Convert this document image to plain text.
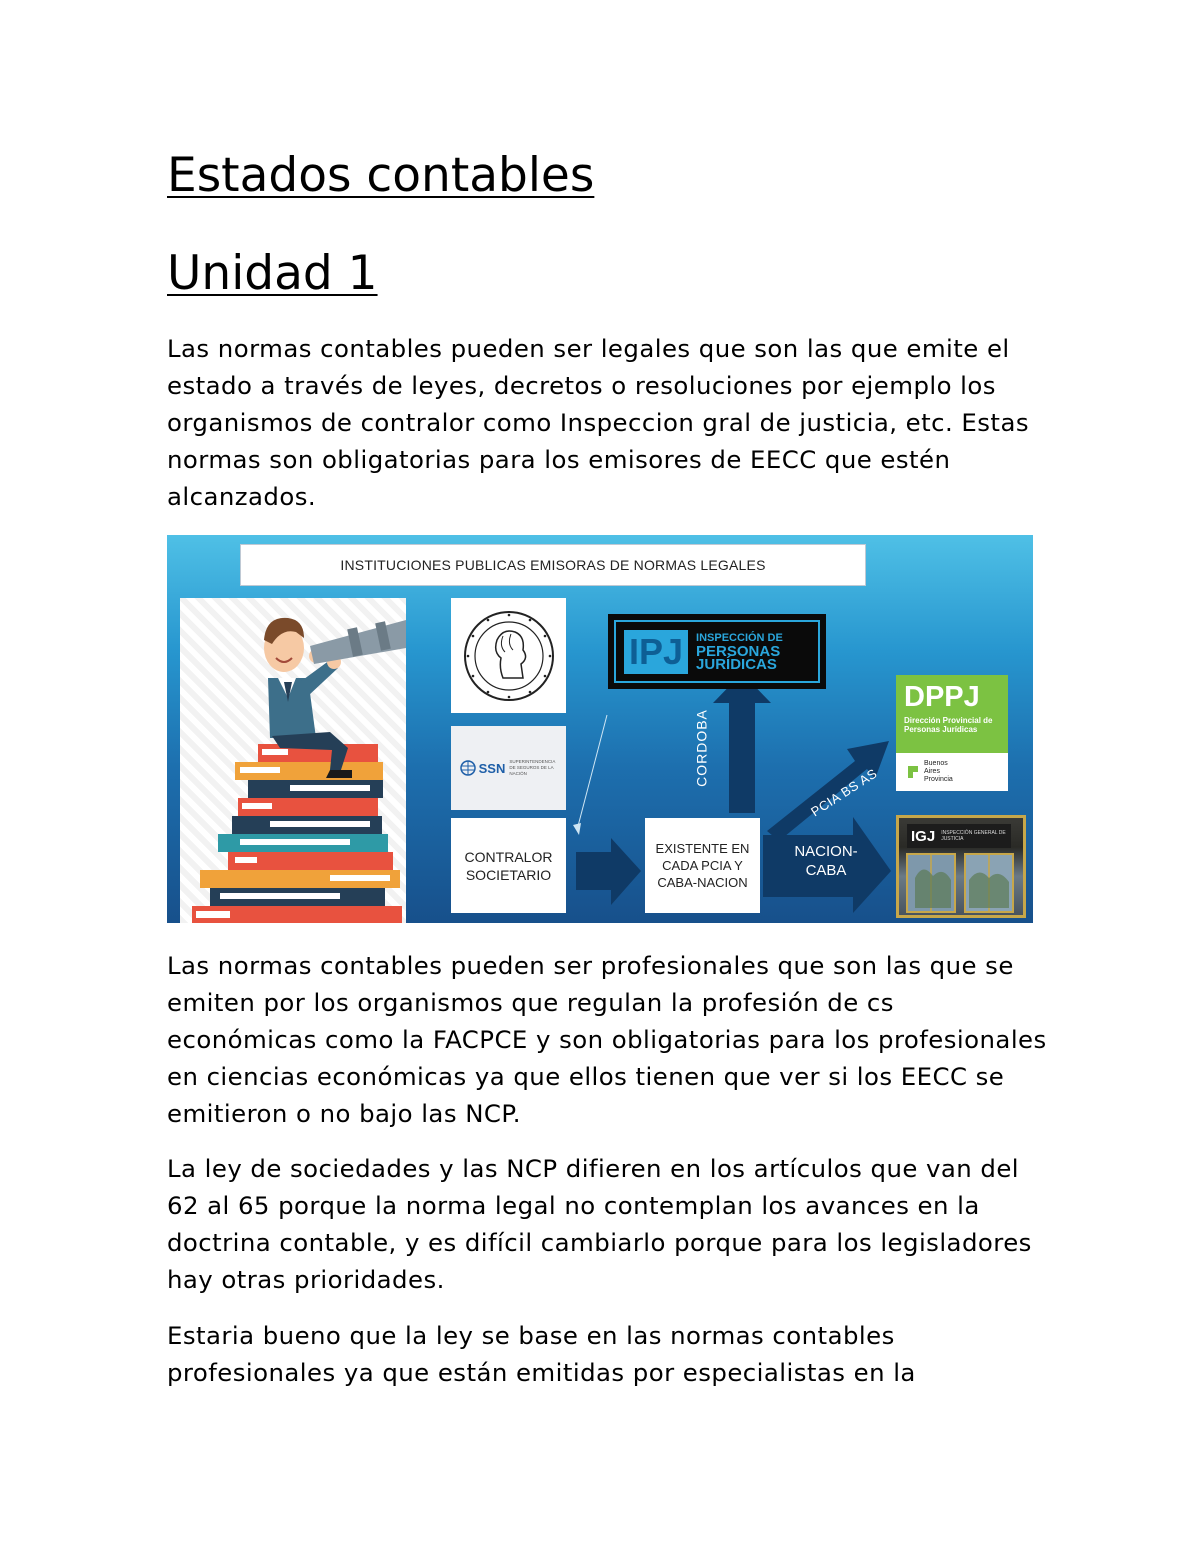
Estados contables
Unidad 1

Las normas contables pueden ser legales que son las que emite el estado a través de leyes, decretos o resoluciones por ejemplo los organismos de contralor como Inspeccion gral de justicia, etc. Estas normas son obligatorias para los emisores de EECC que estén alcanzados.

INSTITUCIONES PUBLICAS EMISORAS DE NORMAS LEGALES
SSN SUPERINTENDENCIA DE SEGUROS DE LA NACIÓN
CONTRALOR SOCIETARIO
EXISTENTE EN CADA PCIA Y CABA-NACION
CORDOBA
PCIA BS AS
NACION-CABA
IPJ	INSPECCIÓN DE
PERSONAS
JURÍDICAS
DPPJ
Dirección Provincial de Personas Jurídicas
Buenos Aires Provincia
IGJ INSPECCIÓN GENERAL DE JUSTICIA

Las normas contables pueden ser profesionales que son las que se emiten por los organismos que regulan la profesión de cs económicas como la FACPCE y son obligatorias para los profesionales en ciencias económicas ya que ellos tienen que ver si los EECC se emitieron o no bajo las NCP.

La ley de sociedades y las NCP difieren en los artículos que van del 62 al 65 porque la norma legal no contemplan los avances en la doctrina contable, y es difícil cambiarlo porque para los legisladores hay otras prioridades.

Estaria bueno que la ley se base en las normas contables profesionales ya que están emitidas por especialistas en la
